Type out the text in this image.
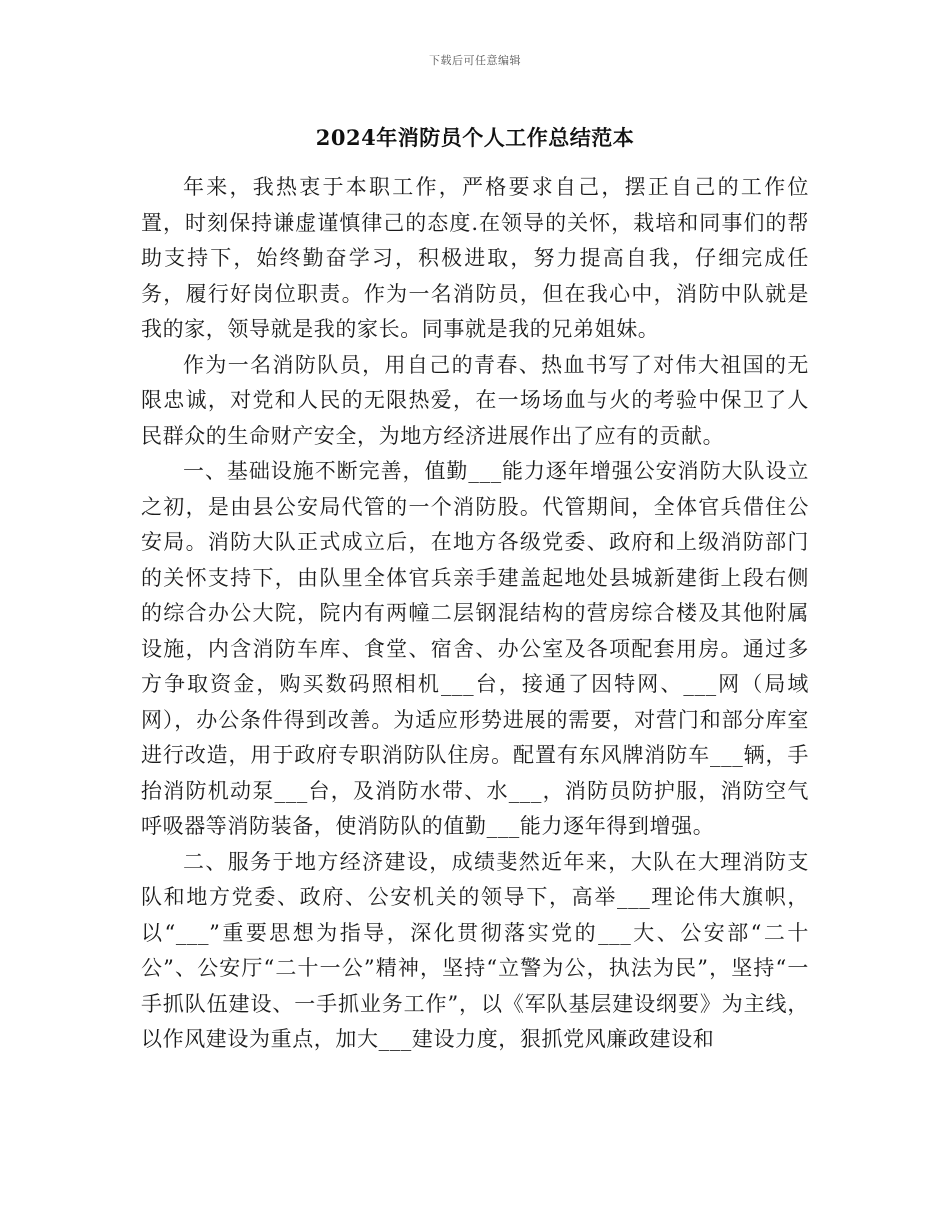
下载后可任意编辑
2024年消防员个人工作总结范本

年来，我热衷于本职工作，严格要求自己，摆正自己的工作位置，时刻保持谦虚谨慎律己的态度.在领导的关怀，栽培和同事们的帮助支持下，始终勤奋学习，积极进取，努力提高自我，仔细完成任务，履行好岗位职责。作为一名消防员，但在我心中，消防中队就是我的家，领导就是我的家长。同事就是我的兄弟姐妹。

作为一名消防队员，用自己的青春、热血书写了对伟大祖国的无限忠诚，对党和人民的无限热爱，在一场场血与火的考验中保卫了人民群众的生命财产安全，为地方经济进展作出了应有的贡献。

一、基础设施不断完善，值勤___能力逐年增强公安消防大队设立之初，是由县公安局代管的一个消防股。代管期间，全体官兵借住公安局。消防大队正式成立后，在地方各级党委、政府和上级消防部门的关怀支持下，由队里全体官兵亲手建盖起地处县城新建街上段右侧的综合办公大院，院内有两幢二层钢混结构的营房综合楼及其他附属设施，内含消防车库、食堂、宿舍、办公室及各项配套用房。通过多方争取资金，购买数码照相机___台，接通了因特网、___网（局域网），办公条件得到改善。为适应形势进展的需要，对营门和部分库室进行改造，用于政府专职消防队住房。配置有东风牌消防车___辆，手抬消防机动泵___台，及消防水带、水___，消防员防护服，消防空气呼吸器等消防装备，使消防队的值勤___能力逐年得到增强。

二、服务于地方经济建设，成绩斐然近年来，大队在大理消防支队和地方党委、政府、公安机关的领导下，高举___理论伟大旗帜，以“___”重要思想为指导，深化贯彻落实党的___大、公安部“二十公”、公安厅“二十一公”精神，坚持“立警为公，执法为民”，坚持“一手抓队伍建设、一手抓业务工作”，以《军队基层建设纲要》为主线，以作风建设为重点，加大___建设力度，狠抓党风廉政建设和
